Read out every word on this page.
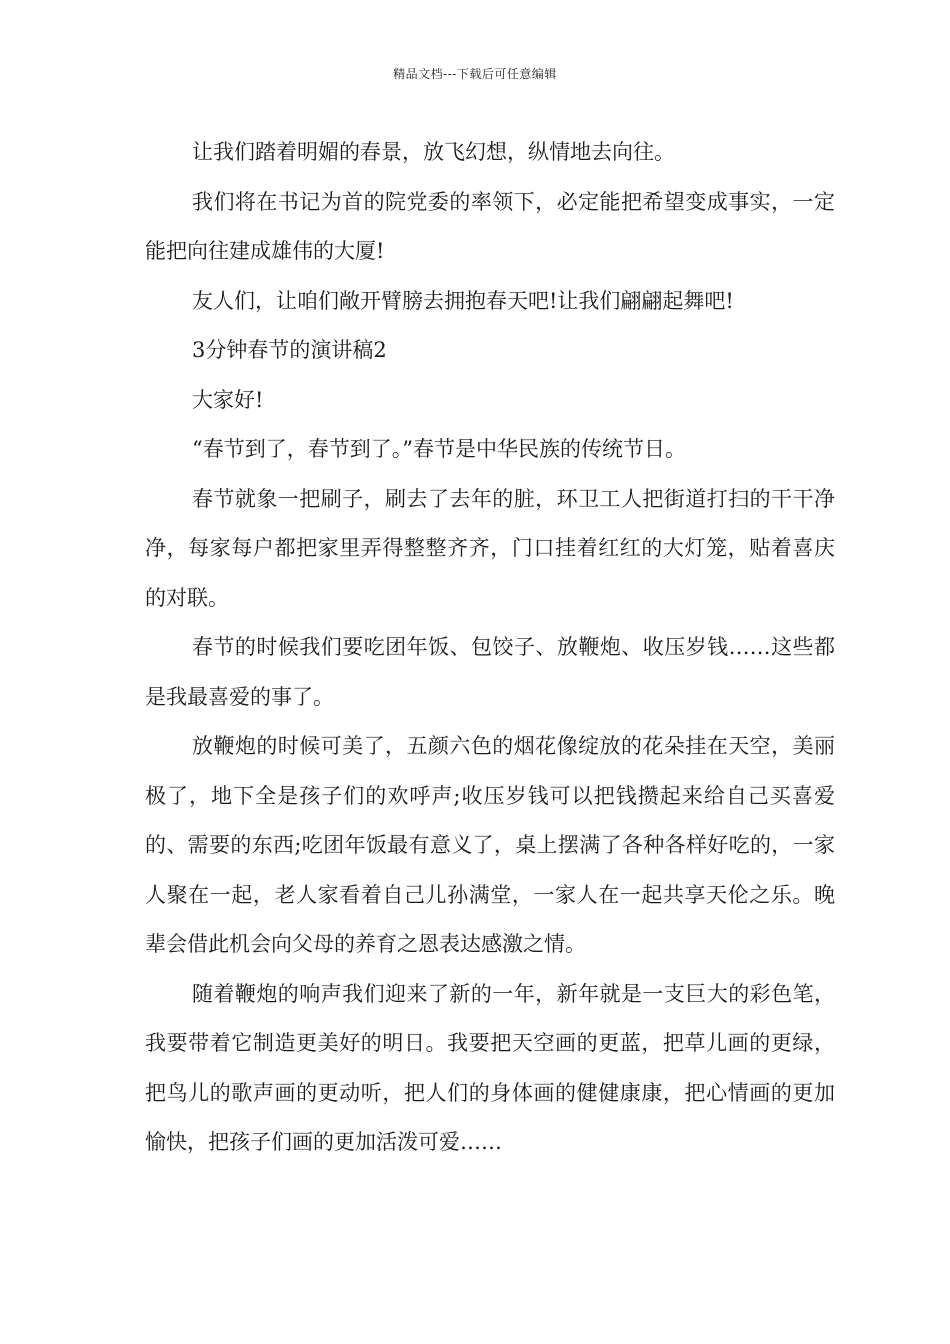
精品文档---下载后可任意编辑

让我们踏着明媚的春景，放飞幻想，纵情地去向往。

我们将在书记为首的院党委的率领下，必定能把希望变成事实，一定能把向往建成雄伟的大厦!

友人们，让咱们敞开臂膀去拥抱春天吧!让我们翩翩起舞吧!

3分钟春节的演讲稿2

大家好!

“春节到了，春节到了。”春节是中华民族的传统节日。

春节就象一把刷子，刷去了去年的脏，环卫工人把街道打扫的干干净净，每家每户都把家里弄得整整齐齐，门口挂着红红的大灯笼，贴着喜庆的对联。

春节的时候我们要吃团年饭、包饺子、放鞭炮、收压岁钱……这些都是我最喜爱的事了。

放鞭炮的时候可美了，五颜六色的烟花像绽放的花朵挂在天空，美丽极了，地下全是孩子们的欢呼声;收压岁钱可以把钱攒起来给自己买喜爱的、需要的东西;吃团年饭最有意义了，桌上摆满了各种各样好吃的，一家人聚在一起，老人家看着自己儿孙满堂，一家人在一起共享天伦之乐。晚辈会借此机会向父母的养育之恩表达感激之情。

随着鞭炮的响声我们迎来了新的一年，新年就是一支巨大的彩色笔，我要带着它制造更美好的明日。我要把天空画的更蓝，把草儿画的更绿，把鸟儿的歌声画的更动听，把人们的身体画的健健康康，把心情画的更加愉快，把孩子们画的更加活泼可爱……
